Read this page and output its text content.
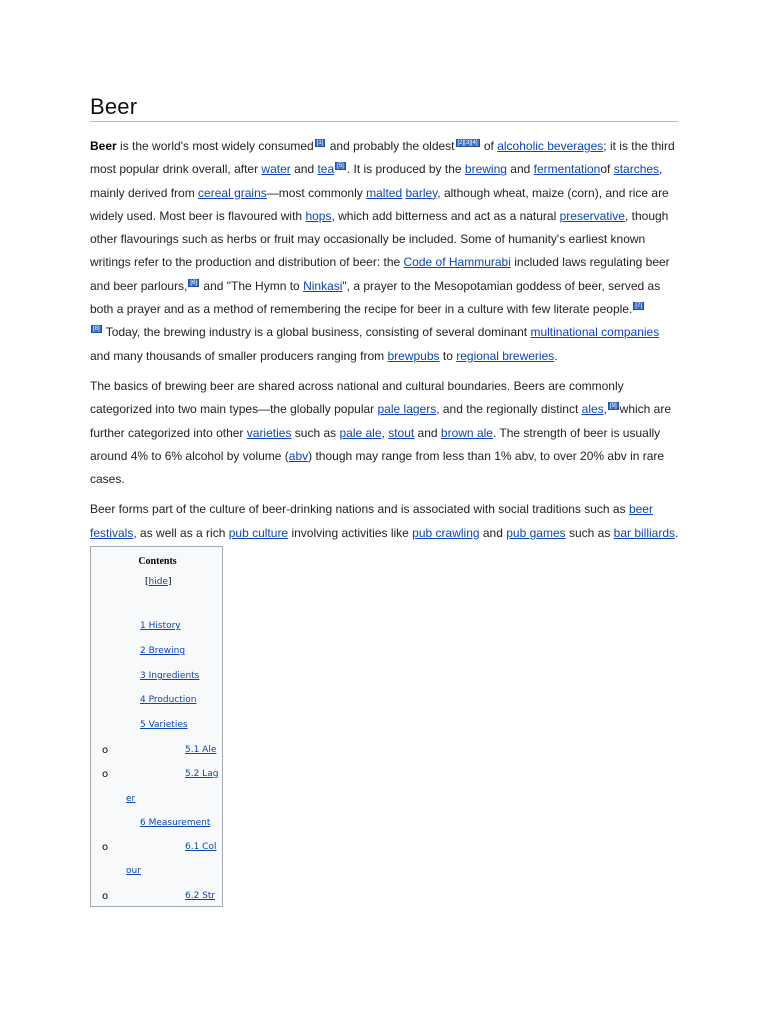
Beer

Beer is the world's most widely consumed [1] and probably the oldest [2][3][4] of alcoholic beverages; it is the third most popular drink overall, after water and tea [5] . It is produced by the brewing and fermentationof starches, mainly derived from cereal grains—most commonly malted barley, although wheat, maize (corn), and rice are widely used. Most beer is flavoured with hops, which add bitterness and act as a natural preservative, though other flavourings such as herbs or fruit may occasionally be included. Some of humanity's earliest known writings refer to the production and distribution of beer: the Code of Hammurabi included laws regulating beer and beer parlours, [6] and "The Hymn to Ninkasi", a prayer to the Mesopotamian goddess of beer, served as both a prayer and as a method of remembering the recipe for beer in a culture with few literate people. [7]
[8] Today, the brewing industry is a global business, consisting of several dominant multinational companies and many thousands of smaller producers ranging from brewpubs to regional breweries.

The basics of brewing beer are shared across national and cultural boundaries. Beers are commonly categorized into two main types—the globally popular pale lagers, and the regionally distinct ales, [9] which are further categorized into other varieties such as pale ale, stout and brown ale. The strength of beer is usually around 4% to 6% alcohol by volume (abv) though may range from less than 1% abv, to over 20% abv in rare cases.

Beer forms part of the culture of beer-drinking nations and is associated with social traditions such as beer festivals, as well as a rich pub culture involving activities like pub crawling and pub games such as bar billiards.

Contents
[hide]
1 History
2 Brewing
3 Ingredients
4 Production
5 Varieties
o	5.1 Ale
o	5.2 Lag
er
6 Measurement
o	6.1 Col
our
o	6.2 Str
